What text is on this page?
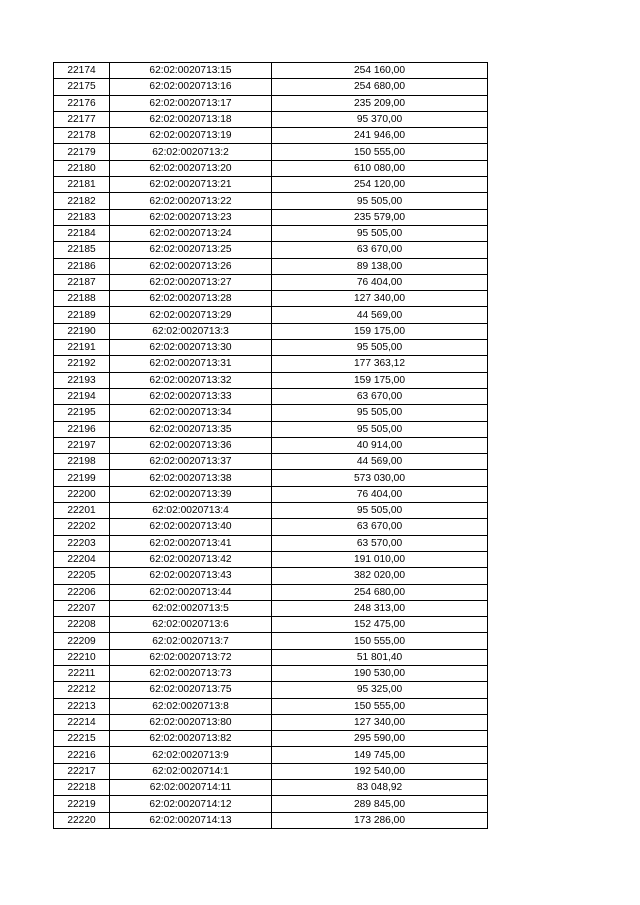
22174	62:02:0020713:15	254 160,00
22175	62:02:0020713:16	254 680,00
22176	62:02:0020713:17	235 209,00
22177	62:02:0020713:18	95 370,00
22178	62:02:0020713:19	241 946,00
22179	62:02:0020713:2	150 555,00
22180	62:02:0020713:20	610 080,00
22181	62:02:0020713:21	254 120,00
22182	62:02:0020713:22	95 505,00
22183	62:02:0020713:23	235 579,00
22184	62:02:0020713:24	95 505,00
22185	62:02:0020713:25	63 670,00
22186	62:02:0020713:26	89 138,00
22187	62:02:0020713:27	76 404,00
22188	62:02:0020713:28	127 340,00
22189	62:02:0020713:29	44 569,00
22190	62:02:0020713:3	159 175,00
22191	62:02:0020713:30	95 505,00
22192	62:02:0020713:31	177 363,12
22193	62:02:0020713:32	159 175,00
22194	62:02:0020713:33	63 670,00
22195	62:02:0020713:34	95 505,00
22196	62:02:0020713:35	95 505,00
22197	62:02:0020713:36	40 914,00
22198	62:02:0020713:37	44 569,00
22199	62:02:0020713:38	573 030,00
22200	62:02:0020713:39	76 404,00
22201	62:02:0020713:4	95 505,00
22202	62:02:0020713:40	63 670,00
22203	62:02:0020713:41	63 570,00
22204	62:02:0020713:42	191 010,00
22205	62:02:0020713:43	382 020,00
22206	62:02:0020713:44	254 680,00
22207	62:02:0020713:5	248 313,00
22208	62:02:0020713:6	152 475,00
22209	62:02:0020713:7	150 555,00
22210	62:02:0020713:72	51 801,40
22211	62:02:0020713:73	190 530,00
22212	62:02:0020713:75	95 325,00
22213	62:02:0020713:8	150 555,00
22214	62:02:0020713:80	127 340,00
22215	62:02:0020713:82	295 590,00
22216	62:02:0020713:9	149 745,00
22217	62:02:0020714:1	192 540,00
22218	62:02:0020714:11	83 048,92
22219	62:02:0020714:12	289 845,00
22220	62:02:0020714:13	173 286,00
